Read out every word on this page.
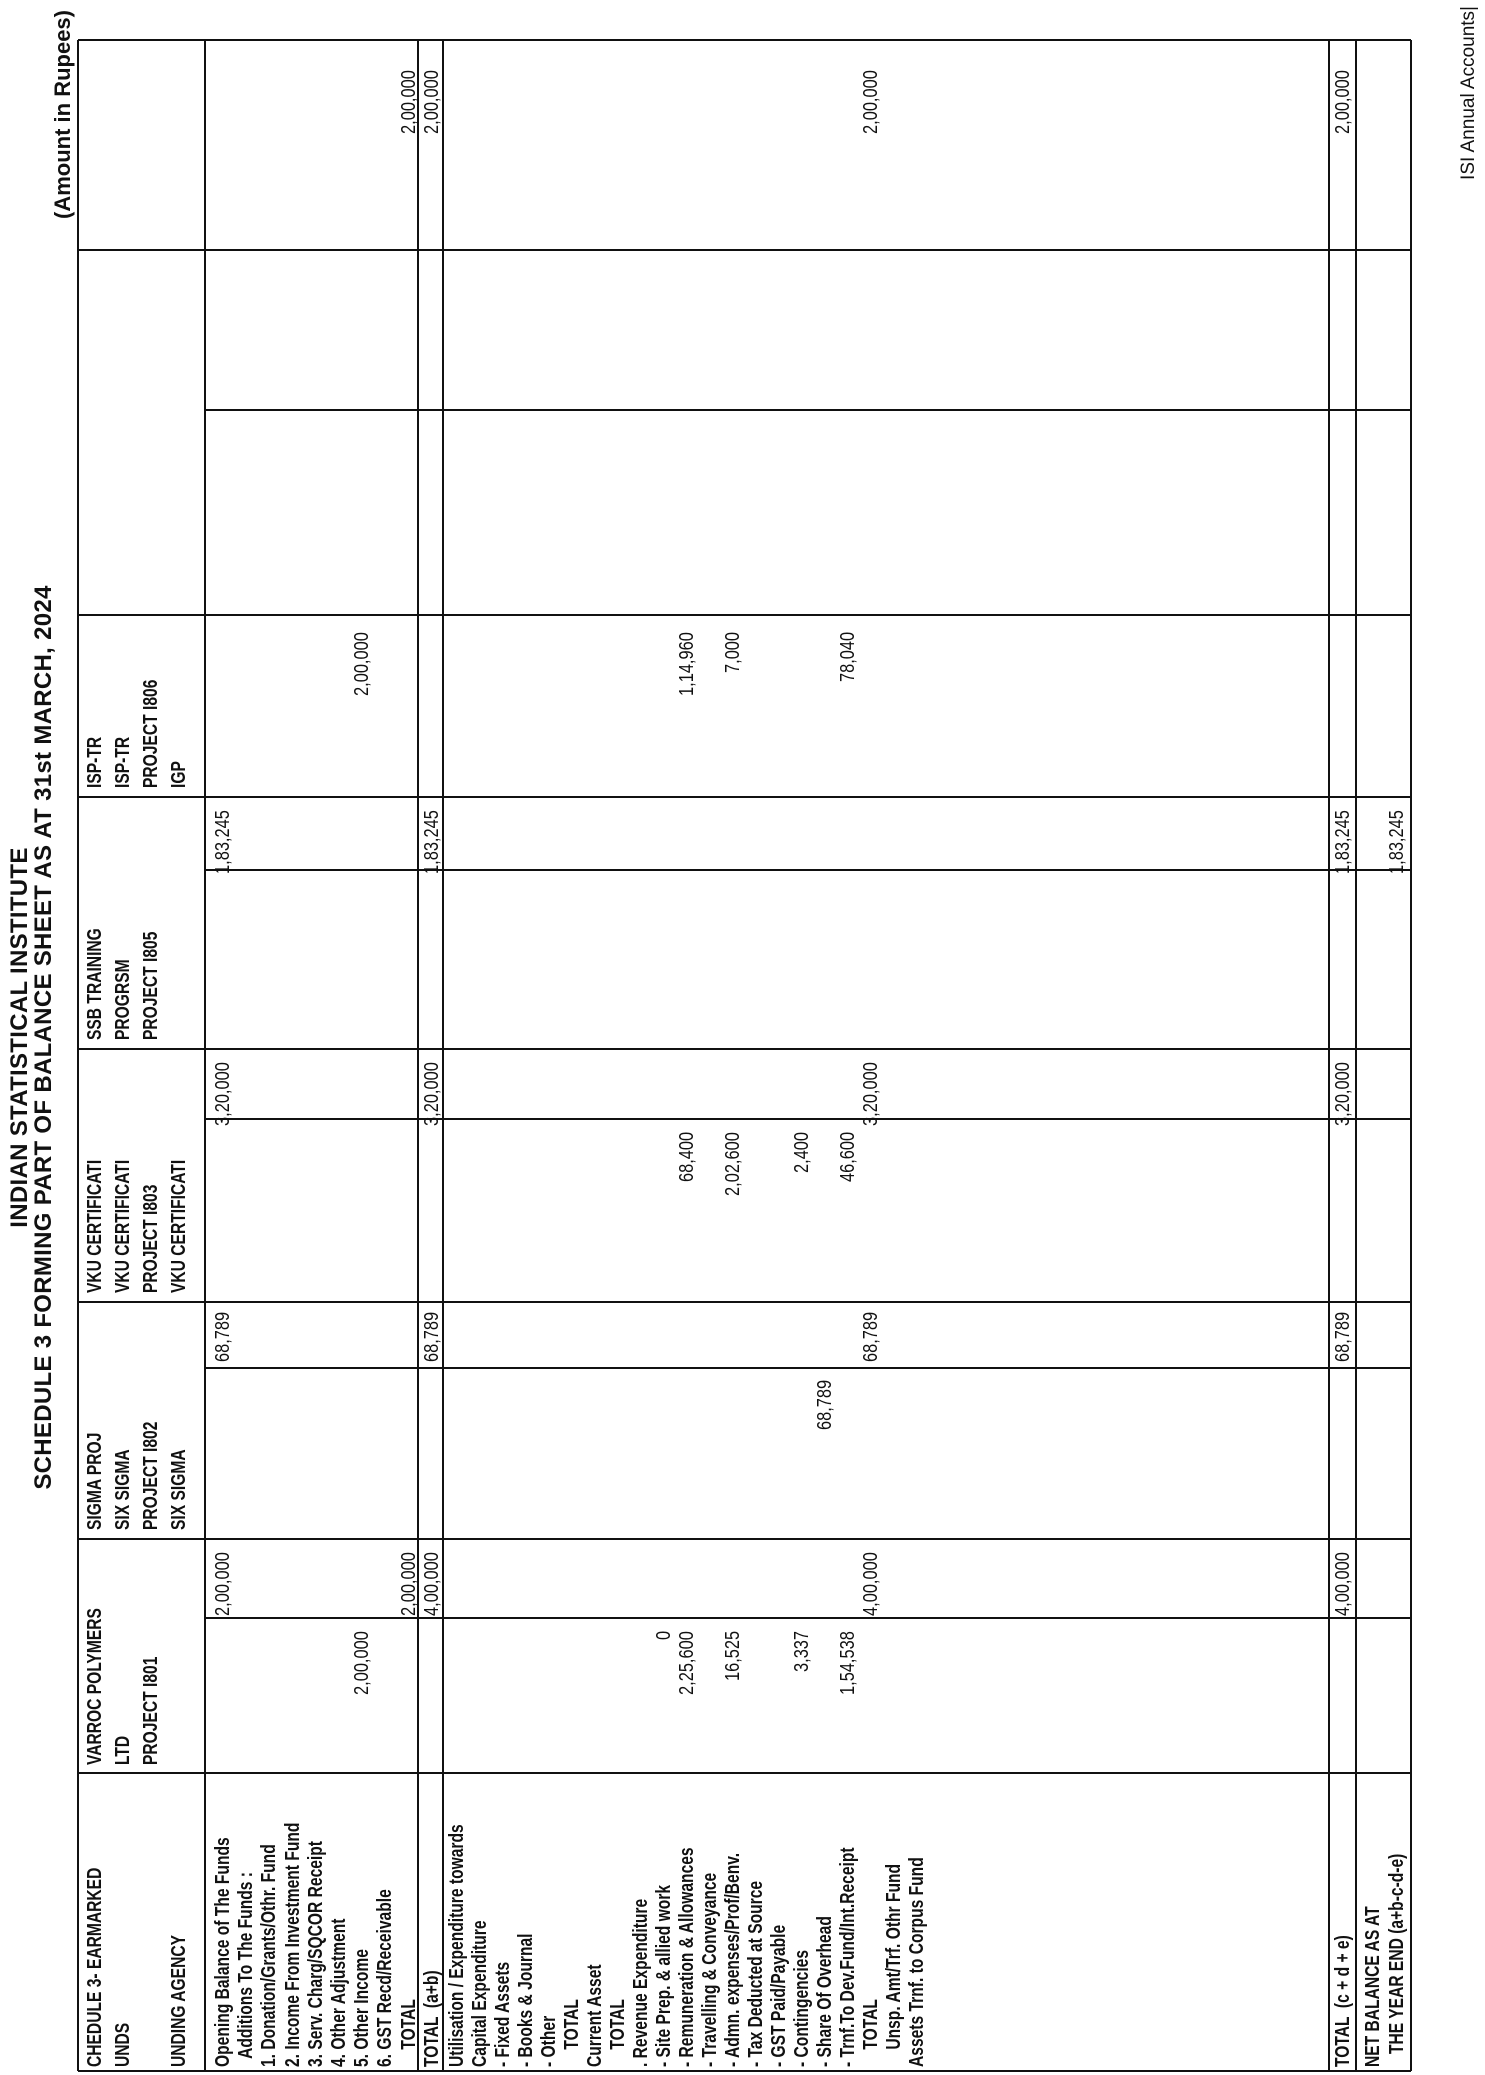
INDIAN STATISTICAL INSTITUTE
SCHEDULE 3 FORMING PART OF BALANCE SHEET AS AT 31st MARCH, 2024
CHEDULE 3- EARMARKED UNDS UNDING AGENCY
VARROC POLYMERS LTD PROJECT I801
SIGMA PROJ SIX SIGMA PROJECT I802 SIX SIGMA
VKU CERTIFICATI VKU CERTIFICATI PROJECT I803 VKU CERTIFICATI
SSB TRAINING PROGRSM PROJECT I805
ISP-TR ISP-TR PROJECT I806 IGP
Opening Balance of The Funds
2,00,000
68,789
3,20,000
1,83,245
Additions To The Funds : 1. Donation/Grants/Othr. Fund 2. Income From Investment Fund 3. Serv. Charg/SQCOR Receipt 4. Other Adjustment 5. Other Income
2,00,000
2,00,000
6. GST Recd/Receivable TOTAL
2,00,000
2,00,000
TOTAL  (a+b)
4,00,000
68,789
3,20,000
1,83,245
2,00,000
Utilisation / Expenditure towards Capital Expenditure - Fixed Assets - Books & Journal - Other TOTAL Current Asset TOTAL . Revenue Expenditure - Site Prep. & allied work
0
- Remuneration & Allowances
2,25,600
68,400
1,14,960
- Travelling & Conveyance - Admn. expenses/Prof/Benv.
16,525
2,02,600
7,000
- Tax Deducted at Source - GST Paid/Payable - Contingencies
3,337
2,400
- Share Of Overhead
68,789
- Trnf.To Dev.Fund/Int.Receipt
1,54,538
46,600
78,040
TOTAL
4,00,000
68,789
3,20,000
2,00,000
Unsp. Amt/Trf. Othr Fund Assets Trnf. to Corpus Fund	TOTAL  (c + d + e)
4,00,000
68,789
3,20,000
1,83,245
2,00,000
NET BALANCE AS AT THE YEAR END (a+b-c-d-e)
1,83,245
(Amount in Rupees)	ISI Annual Accounts|
